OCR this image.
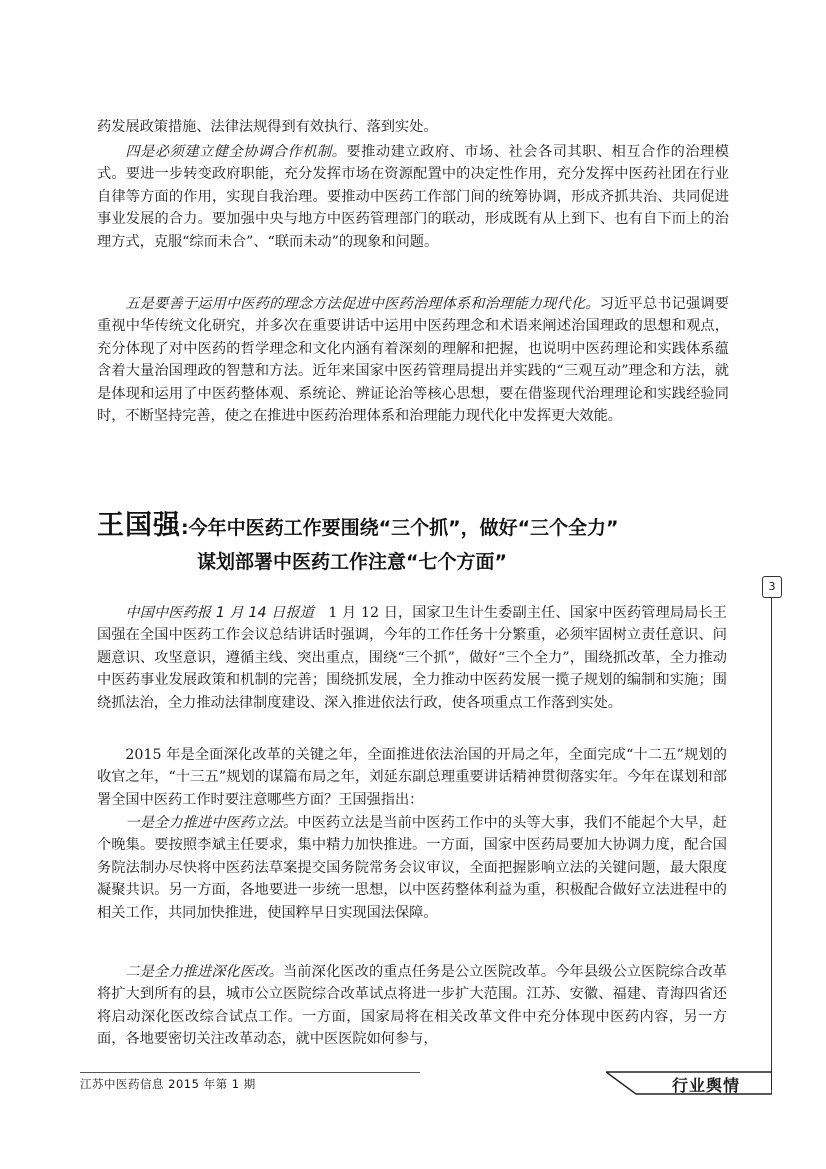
药发展政策措施、法律法规得到有效执行、落到实处。

四是必须建立健全协调合作机制。要推动建立政府、市场、社会各司其职、相互合作的治理模式。要进一步转变政府职能，充分发挥市场在资源配置中的决定性作用，充分发挥中医药社团在行业自律等方面的作用，实现自我治理。要推动中医药工作部门间的统筹协调，形成齐抓共治、共同促进事业发展的合力。要加强中央与地方中医药管理部门的联动，形成既有从上到下、也有自下而上的治理方式，克服“综而未合”、“联而未动”的现象和问题。

五是要善于运用中医药的理念方法促进中医药治理体系和治理能力现代化。习近平总书记强调要重视中华传统文化研究，并多次在重要讲话中运用中医药理念和术语来阐述治国理政的思想和观点，充分体现了对中医药的哲学理念和文化内涵有着深刻的理解和把握，也说明中医药理论和实践体系蕴含着大量治国理政的智慧和方法。近年来国家中医药管理局提出并实践的“三观互动”理念和方法，就是体现和运用了中医药整体观、系统论、辨证论治等核心思想，要在借鉴现代治理理论和实践经验同时，不断坚持完善，使之在推进中医药治理体系和治理能力现代化中发挥更大效能。

王国强:今年中医药工作要围绕“三个抓”，做好“三个全力”
谋划部署中医药工作注意“七个方面”

中国中医药报 1 月 14 日报道　 1 月 12 日，国家卫生计生委副主任、国家中医药管理局局长王国强在全国中医药工作会议总结讲话时强调，今年的工作任务十分繁重，必须牢固树立责任意识、问题意识、攻坚意识，遵循主线、突出重点，围绕“三个抓”，做好“三个全力”，围绕抓改革，全力推动中医药事业发展政策和机制的完善；围绕抓发展，全力推动中医药发展一揽子规划的编制和实施；围绕抓法治，全力推动法律制度建设、深入推进依法行政，使各项重点工作落到实处。

2015 年是全面深化改革的关键之年，全面推进依法治国的开局之年，全面完成“十二五”规划的收官之年，“十三五”规划的谋篇布局之年，刘延东副总理重要讲话精神贯彻落实年。今年在谋划和部署全国中医药工作时要注意哪些方面？王国强指出：

一是全力推进中医药立法。中医药立法是当前中医药工作中的头等大事，我们不能起个大早，赶个晚集。要按照李斌主任要求，集中精力加快推进。一方面，国家中医药局要加大协调力度，配合国务院法制办尽快将中医药法草案提交国务院常务会议审议，全面把握影响立法的关键问题，最大限度凝聚共识。另一方面，各地要进一步统一思想，以中医药整体利益为重，积极配合做好立法进程中的相关工作，共同加快推进，使国粹早日实现国法保障。

二是全力推进深化医改。当前深化医改的重点任务是公立医院改革。今年县级公立医院综合改革将扩大到所有的县，城市公立医院综合改革试点将进一步扩大范围。江苏、安徽、福建、青海四省还将启动深化医改综合试点工作。一方面，国家局将在相关改革文件中充分体现中医药内容，另一方面，各地要密切关注改革动态，就中医医院如何参与，

3
江苏中医药信息 2015 年第 1 期	行业舆情
